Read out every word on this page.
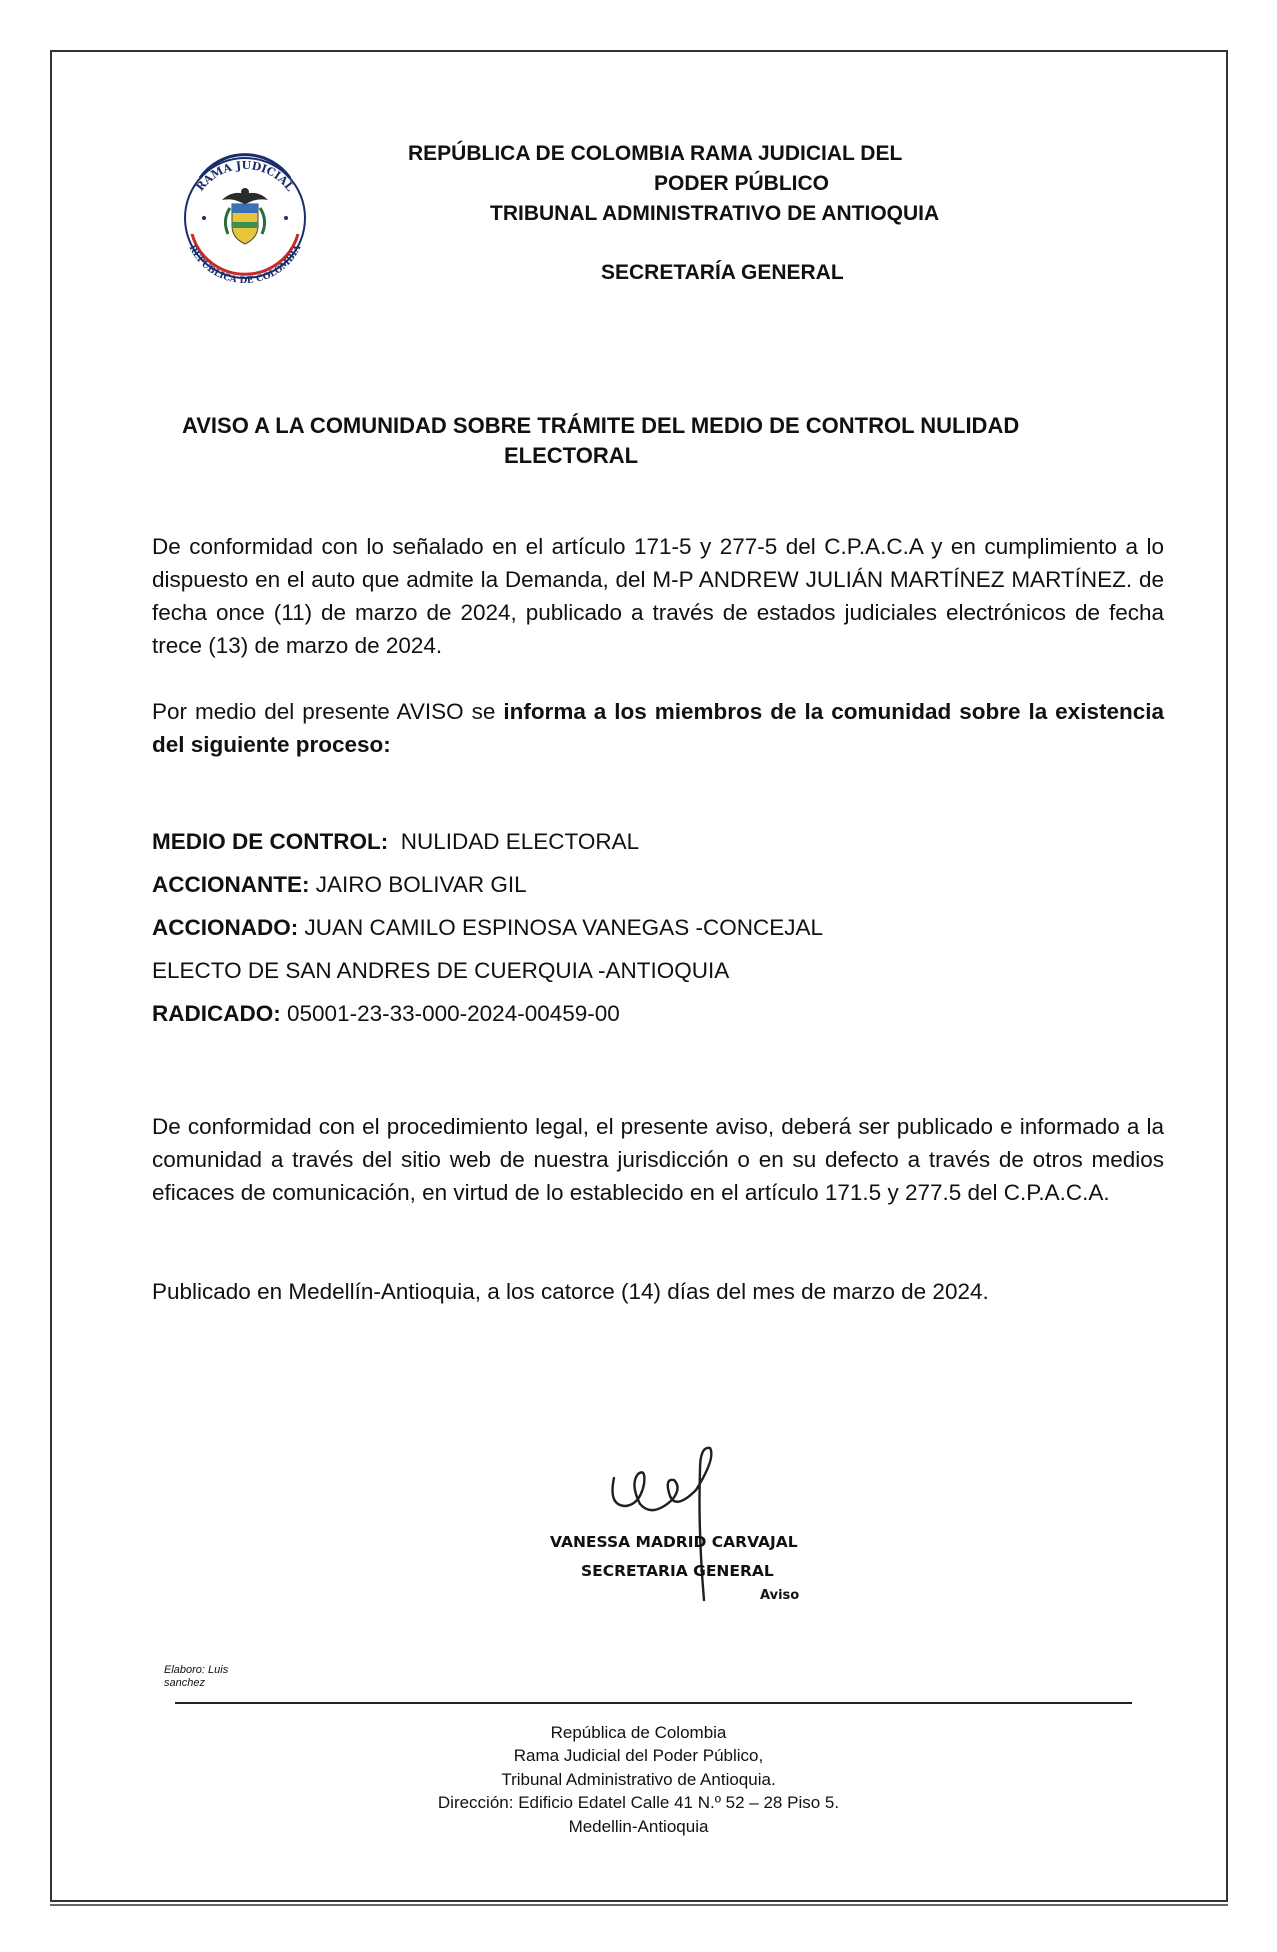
RAMA JUDICIAL
REPÚBLICA DE COLOMBIA
REPÚBLICA DE COLOMBIA RAMA JUDICIAL DEL
PODER PÚBLICO
TRIBUNAL ADMINISTRATIVO DE ANTIOQUIA
SECRETARÍA GENERAL
AVISO A LA COMUNIDAD SOBRE TRÁMITE DEL MEDIO DE CONTROL NULIDAD
ELECTORAL
De conformidad con lo señalado en el artículo 171-5 y 277-5 del C.P.A.C.A y en cumplimiento a lo dispuesto en el auto que admite la Demanda, del M-P ANDREW JULIÁN MARTÍNEZ MARTÍNEZ. de fecha once (11) de marzo de 2024, publicado a través de estados judiciales electrónicos de fecha trece (13) de marzo de 2024.
Por medio del presente AVISO se informa a los miembros de la comunidad sobre la existencia del siguiente proceso:
MEDIO DE CONTROL: NULIDAD ELECTORAL
ACCIONANTE: JAIRO BOLIVAR GIL
ACCIONADO: JUAN CAMILO ESPINOSA VANEGAS -CONCEJAL
ELECTO DE SAN ANDRES DE CUERQUIA -ANTIOQUIA
RADICADO: 05001-23-33-000-2024-00459-00
De conformidad con el procedimiento legal, el presente aviso, deberá ser publicado e informado a la comunidad a través del sitio web de nuestra jurisdicción o en su defecto a través de otros medios eficaces de comunicación, en virtud de lo establecido en el artículo 171.5 y 277.5 del C.P.A.C.A.
Publicado en Medellín-Antioquia, a los catorce (14) días del mes de marzo de 2024.
VANESSA MADRID CARVAJAL
SECRETARIA GENERAL
Aviso
Elaboro: Luis
sanchez
República de Colombia
Rama Judicial del Poder Público,
Tribunal Administrativo de Antioquia.
Dirección: Edificio Edatel Calle 41 N.º 52 – 28 Piso 5.
Medellin-Antioquia
